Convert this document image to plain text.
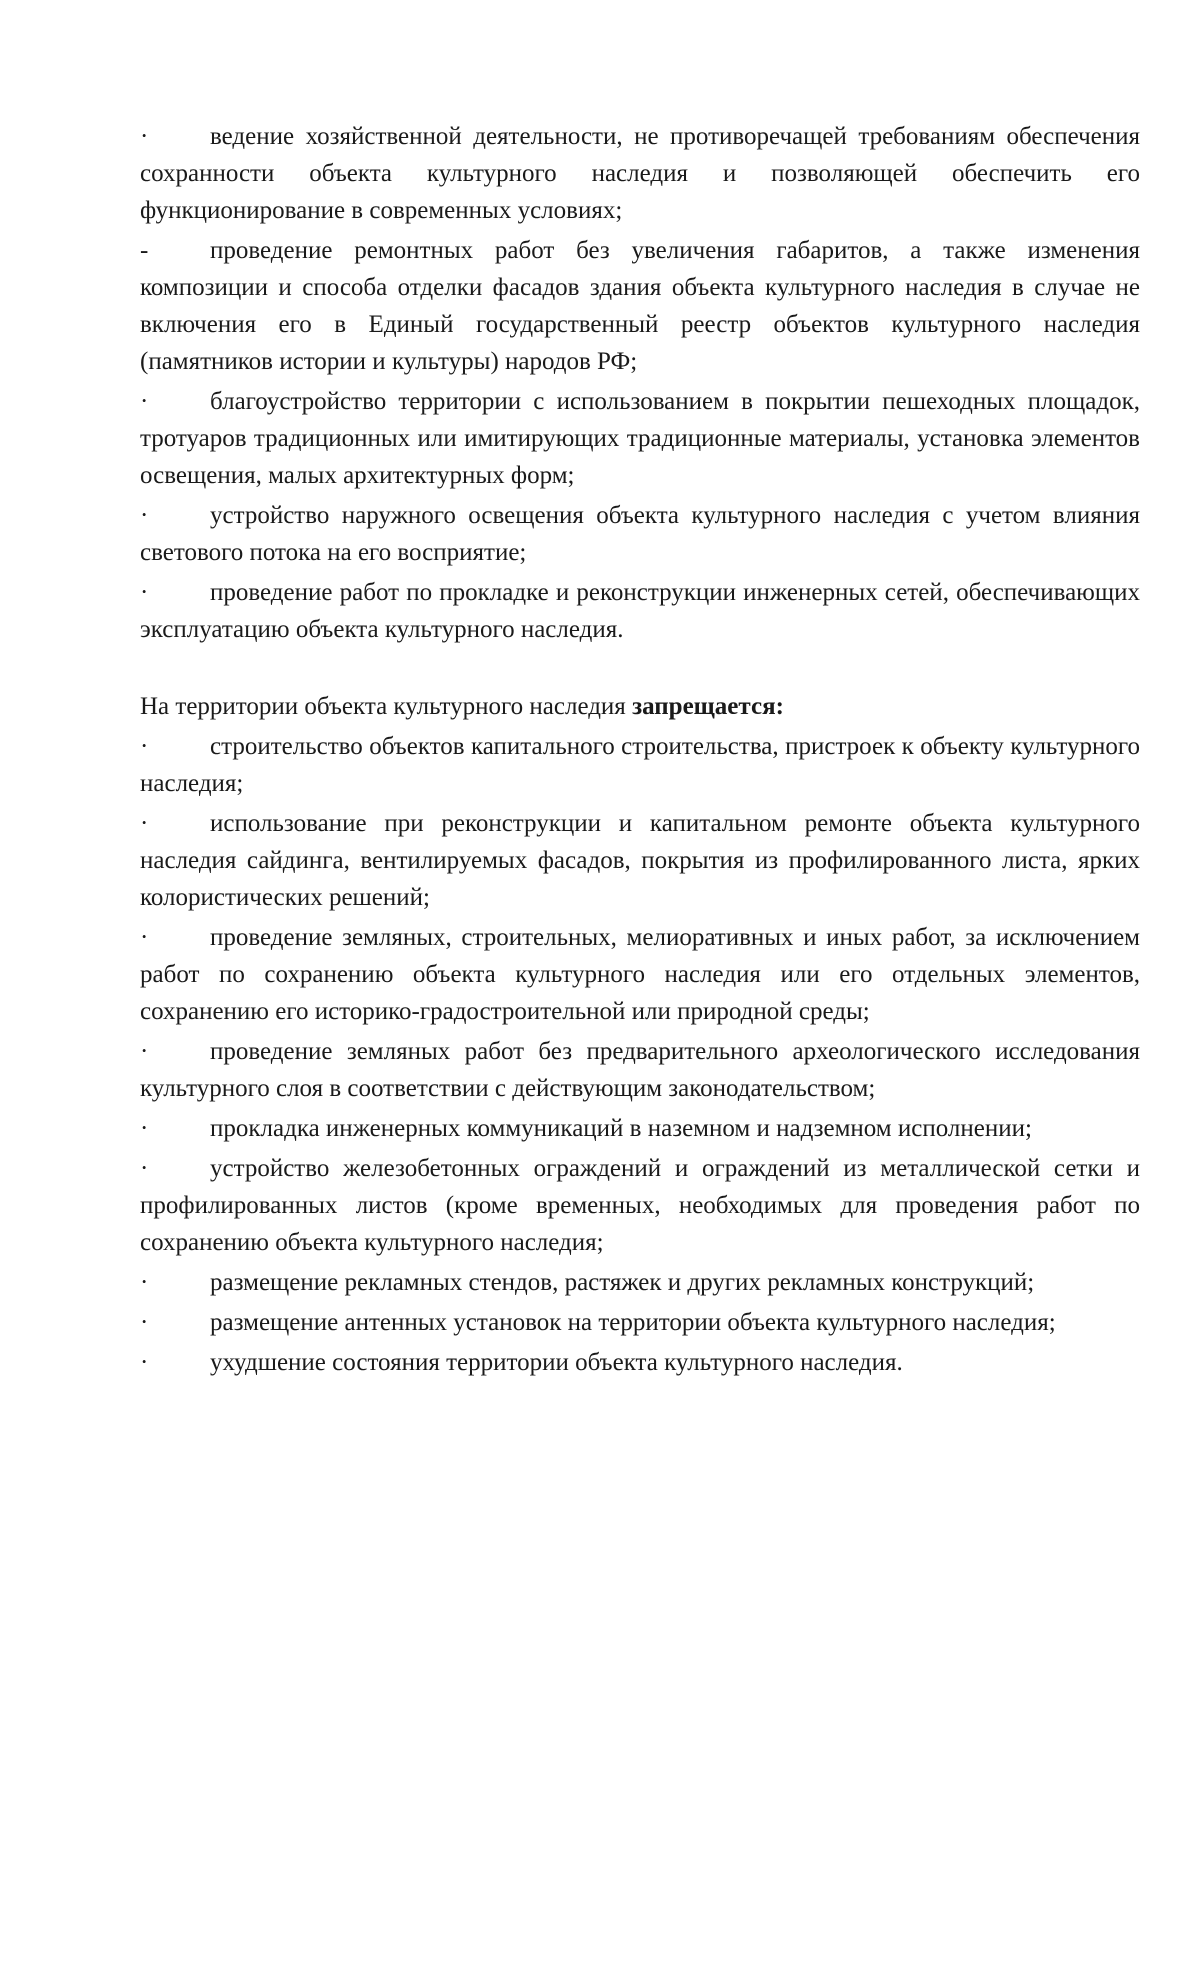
·	ведение хозяйственной деятельности, не противоречащей требованиям обеспечения сохранности объекта культурного наследия и позволяющей обеспечить его функционирование в современных условиях;

-	проведение ремонтных работ без увеличения габаритов, а также изменения композиции и способа отделки фасадов здания объекта культурного наследия в случае не включения его в Единый государственный реестр объектов культурного наследия (памятников истории и культуры) народов РФ;

·	благоустройство территории с использованием в покрытии пешеходных площадок, тротуаров традиционных или имитирующих традиционные материалы, установка элементов освещения, малых архитектурных форм;

·	устройство наружного освещения объекта культурного наследия с учетом влияния светового потока на его восприятие;

·	проведение работ по прокладке и реконструкции инженерных сетей, обеспечивающих эксплуатацию объекта культурного наследия.

На территории объекта культурного наследия запрещается:

·	строительство объектов капитального строительства, пристроек к объекту культурного наследия;

·	использование при реконструкции и капитальном ремонте объекта культурного наследия сайдинга, вентилируемых фасадов, покрытия из профилированного листа, ярких колористических решений;

·	проведение земляных, строительных, мелиоративных и иных работ, за исключением работ по сохранению объекта культурного наследия или его отдельных элементов, сохранению его историко-градостроительной или природной среды;

·	проведение земляных работ без предварительного археологического исследования культурного слоя в соответствии с действующим законодательством;

·	прокладка инженерных коммуникаций в наземном и надземном исполнении;

·	устройство железобетонных ограждений и ограждений из металлической сетки и профилированных листов (кроме временных, необходимых для проведения работ по сохранению объекта культурного наследия;

·	размещение рекламных стендов, растяжек и других рекламных конструкций;

·	размещение антенных установок на территории объекта культурного наследия;

·	ухудшение состояния территории объекта культурного наследия.
